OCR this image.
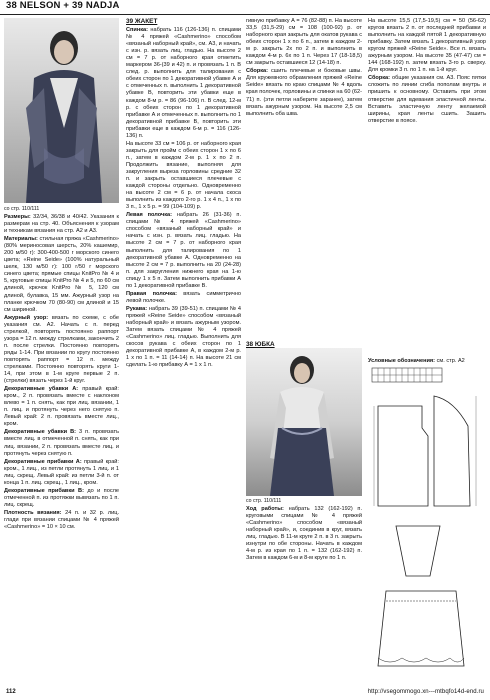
38 NELSON + 39 NADJA
со стр. 110/111

Размеры: 32/34, 36/38 и 40/42. Указания к размерам на стр. 40. Объяснения к узорам и техникам вязания на стр. А2 и А3.

Материалы: стильная пряжа «Cashmerino» (80% мериносовая шерсть, 20% кашемир, 200 м/50 г): 300-400-500 г морского синего цвета; «Reine Seide» (100% натуральный шелк, 130 м/50 г): 100 г/50 г морского синего цвета; прямые спицы KnitPro № 4 и 5, круговые спицы KnitPro № 4 и 5, по 60 см длиной, крючок KnitPro № 5, 120 см длиной, булавка, 15 мм. Ажурный узор на планке крючком 70 (80-90) см длиной и 15 см шириной.

Ажурный узор: вязать по схеме, с обе указания см. А2. Начать с п. перед стрелкой, повторять постоянно раппорт узора = 12 п. между стрелками, закончить 2 п. после стрелки. Постоянно повторять ряды 1-14. При вязании по кругу постоянно повторять раппорт = 12 п. между стрелками. Постоянно повторять круги 1-14, при этом в 1-м круге первые 2 п. (стрелки) вязать через 1-й круг.

Декоративные убавки А: правый край: кром., 2 п. провязать вместе с наклоном влево = 1 п. снять, как при лиц. вязании, 1 п. лиц. и протянуть через него снятую п. Левый край: 2 п. провязать вместе лиц., кром.

Декоративные убавки В: 3 п. провязать вместе лиц. в отмеченной п. снять, как при лиц. вязании, 2 п. провязать вместе лиц. и протянуть через снятую п.

Декоративные прибавки А: правый край: кром., 1 лиц., из петли протянуть 1 лиц. и 1 лиц. скрещ. Левый край: из петли 3-й п. от конца 1 п. лиц. скрещ., 1 лиц., кром.

Декоративные прибавки В: до и после отмеченной п. из протяжки вывязать по 1 п. лиц. скрещ.

Плотность вязания: 24 п. и 32 р. лиц. глади при вязании спицами № 4 пряжей «Cashmerino» = 10 × 10 см.

39 ЖАКЕТ

Спинка: набрать 116 (126-136) п. спицами № 4 пряжей «Cashmerino» способом «вязаный наборный край», см. А3, и начать с изн. р. вязать лиц. гладью. На высоте 2 см = 7 р. от наборного края отметить маркером 36-(39 и 42) п. и провязать 1 п. В след. р. выполнить для талирования с обеих сторон по 1 декоративной убавке А и с отмеченных п. выполнить 1 декоративной убавке В, повторить эти убавки еще в каждом 8-м р. = 86 (96-106) п. В след. 12-м р. с обеих сторон по 1 декоративной прибавке А и отмеченных п. выполнить по 1 декоративной прибавке В, повторить эти прибавки еще в каждом 6-м р. = 116 (126-136) п.

На высоте 33 см = 106 р. от наборного края закрыть для пройм с обеих сторон 1 х по 6 п., затем в каждом 2-м р. 1 х по 2 п. Продолжить вязание, выполняя для закругления выреза горловины средние 32 п. и закрыть оставшиеся плечевые с каждой стороны отдельно. Одновременно на высоте 2 см = 6 р. от начала скоса выполнить из каждого 2-го р. 1 х 4 п., 1 х по 3 п., 1 х 5 р. = 99 (104-109) р.

Левая полочка: набрать 26 (31-36) п. спицами № 4 пряжей «Cashmerino» способом «вязаный наборный край» и начать с изн. р. вязать лиц. гладью. На высоте 2 см = 7 р. от наборного края выполнить для талирования по 1 декоративной убавке А. Одновременно на высоте 2 см = 7 р. выполнить на 20 (24-28) п. для закругления нижнего края на 1-ю спицу 1 х 5 п. Затем выполнить прибавки А по 1 декоративной прибавке В.

Правая полочка: вязать симметрично левой полочке.

Рукава: набрать 39 (39-51) п. спицами № 4 пряжей «Reine Seide» способом «вязаный наборный край» и вязать ажурным узором. Затем вязать спицами № 4 пряжей «Cashmerino» лиц. гладью. Выполнить для скосов рукава с обеих сторон по 1 декоративной прибавке А, в каждом 2-м р. 1 х по 1 п. = 11 (14-14) п. На высоте 21 см сделать 1-ю прибавку А = 1 х 1 п.

гивную прибавку А = 76 (82-88) п. На высоте 33,5 (31,5-29) см = 108 (100-92) р. от наборного края закрыть для окатов рукава с обеих сторон 1 х по 6 п., затем в каждом 2-м р. закрыть 2х по 2 п. и выполнить в каждом 4-м р. 6х по 1 п. Через 17 (18-18,5) см закрыть оставшиеся 12 (14-18) п.

Сборка: сшить плечевые и боковые швы. Для кружевного обрамления пряжей «Reine Seide» вязать по краю спицами № 4 вдоль края полочек, горловины и спинки на 60 (62-71) п. (эти петли наберите заранее), затем вязать ажурным узором. На высоте 2,5 см выполнить оба шва.

38 ЮБКА
со стр. 110/111

Ход работы: набрать 132 (162-192) п. круговыми спицами № 4 пряжей «Cashmerino» способом «вязаный наборный край», и, соединив в круг, вязать лиц. гладью. В 11-м круге 2 п. в 3 п. закрыть изнутри по обе стороны. Начать в каждом 4-м р. из края по 1 п. = 132 (162-192) п. Затем в каждом 6-м и 8-м круге по 1 п.

На высоте 15,5 (17,5-19,5) см = 50 (56-62) кругов вязать 2 п. от последней прибавки и выполнить на каждой пятой 1 декоративную прибавку. Затем вязать 1 декоративный узор кругом пряжей «Reine Seide». Все п. вязать ажурным узором. На высоте 35 (47-47) см = 144 (168-192) п. затем вязать 3-го р. сверху. Для кромки 3 п. по 1 п. на 1-й круг.

Сборка: общие указания см. А3. Пояс пятки сложить по линии сгиба пополам внутрь и пришить к основному. Оставить при этом отверстие для вдевания эластичной ленты. Вставить эластичную ленту желаемой ширины, края ленты сшить. Зашить отверстие в поясе.

Условные обозначения: см. стр. А2
112	http://vsegommogo.xn---mtbqfo14d-end.ru
